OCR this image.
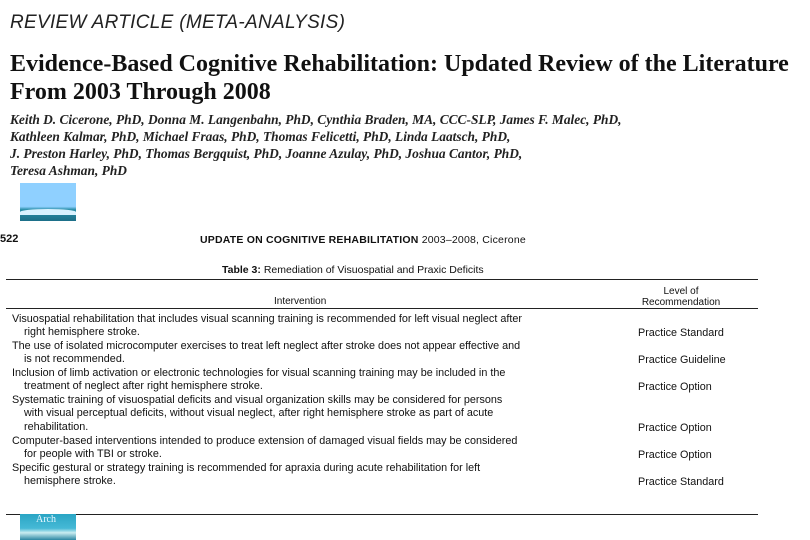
REVIEW ARTICLE (META-ANALYSIS)
Evidence-Based Cognitive Rehabilitation: Updated Review of the Literature From 2003 Through 2008
Keith D. Cicerone, PhD, Donna M. Langenbahn, PhD, Cynthia Braden, MA, CCC-SLP, James F. Malec, PhD,
Kathleen Kalmar, PhD, Michael Fraas, PhD, Thomas Felicetti, PhD, Linda Laatsch, PhD,
J. Preston Harley, PhD, Thomas Bergquist, PhD, Joanne Azulay, PhD, Joshua Cantor, PhD,
Teresa Ashman, PhD
522	UPDATE ON COGNITIVE REHABILITATION 2003–2008, Cicerone
Table 3: Remediation of Visuospatial and Praxic Deficits
Intervention
Level of Recommendation
Visuospatial rehabilitation that includes visual scanning training is recommended for left visual neglect after
right hemisphere stroke.	Practice Standard
The use of isolated microcomputer exercises to treat left neglect after stroke does not appear effective and
is not recommended.	Practice Guideline
Inclusion of limb activation or electronic technologies for visual scanning training may be included in the
treatment of neglect after right hemisphere stroke.	Practice Option
Systematic training of visuospatial deficits and visual organization skills may be considered for persons
with visual perceptual deficits, without visual neglect, after right hemisphere stroke as part of acute
rehabilitation.	Practice Option
Computer-based interventions intended to produce extension of damaged visual fields may be considered
for people with TBI or stroke.	Practice Option
Specific gestural or strategy training is recommended for apraxia during acute rehabilitation for left
hemisphere stroke.	Practice Standard
Arch
